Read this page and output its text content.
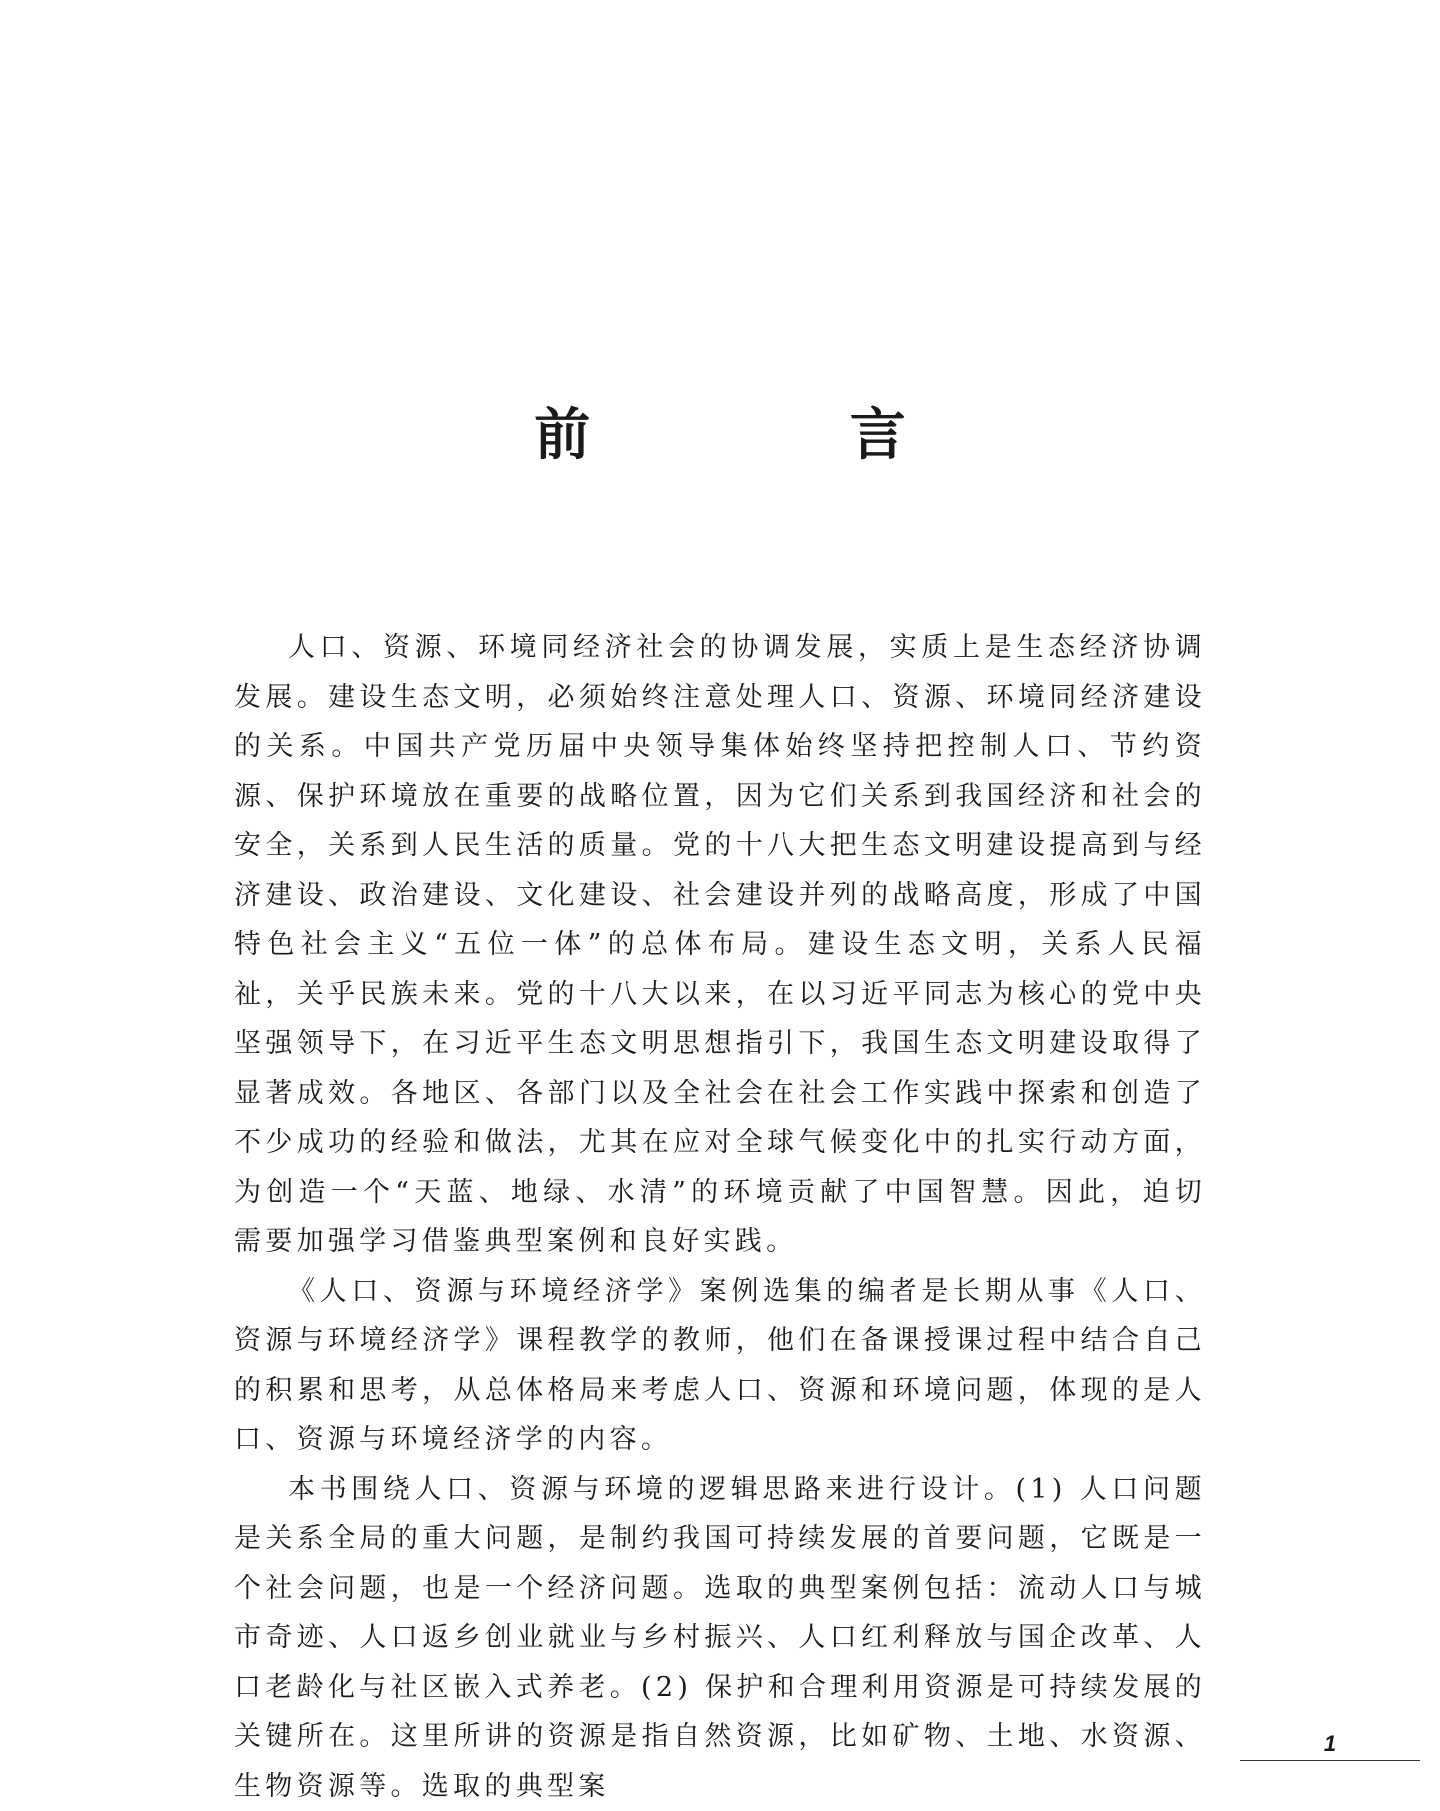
前 言

人口、资源、环境同经济社会的协调发展，实质上是生态经济协调发展。建设生态文明，必须始终注意处理人口、资源、环境同经济建设的关系。中国共产党历届中央领导集体始终坚持把控制人口、节约资源、保护环境放在重要的战略位置，因为它们关系到我国经济和社会的安全，关系到人民生活的质量。党的十八大把生态文明建设提高到与经济建设、政治建设、文化建设、社会建设并列的战略高度，形成了中国特色社会主义“五位一体”的总体布局。建设生态文明，关系人民福祉，关乎民族未来。党的十八大以来，在以习近平同志为核心的党中央坚强领导下，在习近平生态文明思想指引下，我国生态文明建设取得了显著成效。各地区、各部门以及全社会在社会工作实践中探索和创造了不少成功的经验和做法，尤其在应对全球气候变化中的扎实行动方面，为创造一个“天蓝、地绿、水清”的环境贡献了中国智慧。因此，迫切需要加强学习借鉴典型案例和良好实践。

《人口、资源与环境经济学》案例选集的编者是长期从事《人口、资源与环境经济学》课程教学的教师，他们在备课授课过程中结合自己的积累和思考，从总体格局来考虑人口、资源和环境问题，体现的是人口、资源与环境经济学的内容。

本书围绕人口、资源与环境的逻辑思路来进行设计。(1) 人口问题是关系全局的重大问题，是制约我国可持续发展的首要问题，它既是一个社会问题，也是一个经济问题。选取的典型案例包括：流动人口与城市奇迹、人口返乡创业就业与乡村振兴、人口红利释放与国企改革、人口老龄化与社区嵌入式养老。(2) 保护和合理利用资源是可持续发展的关键所在。这里所讲的资源是指自然资源，比如矿物、土地、水资源、生物资源等。选取的典型案

1
